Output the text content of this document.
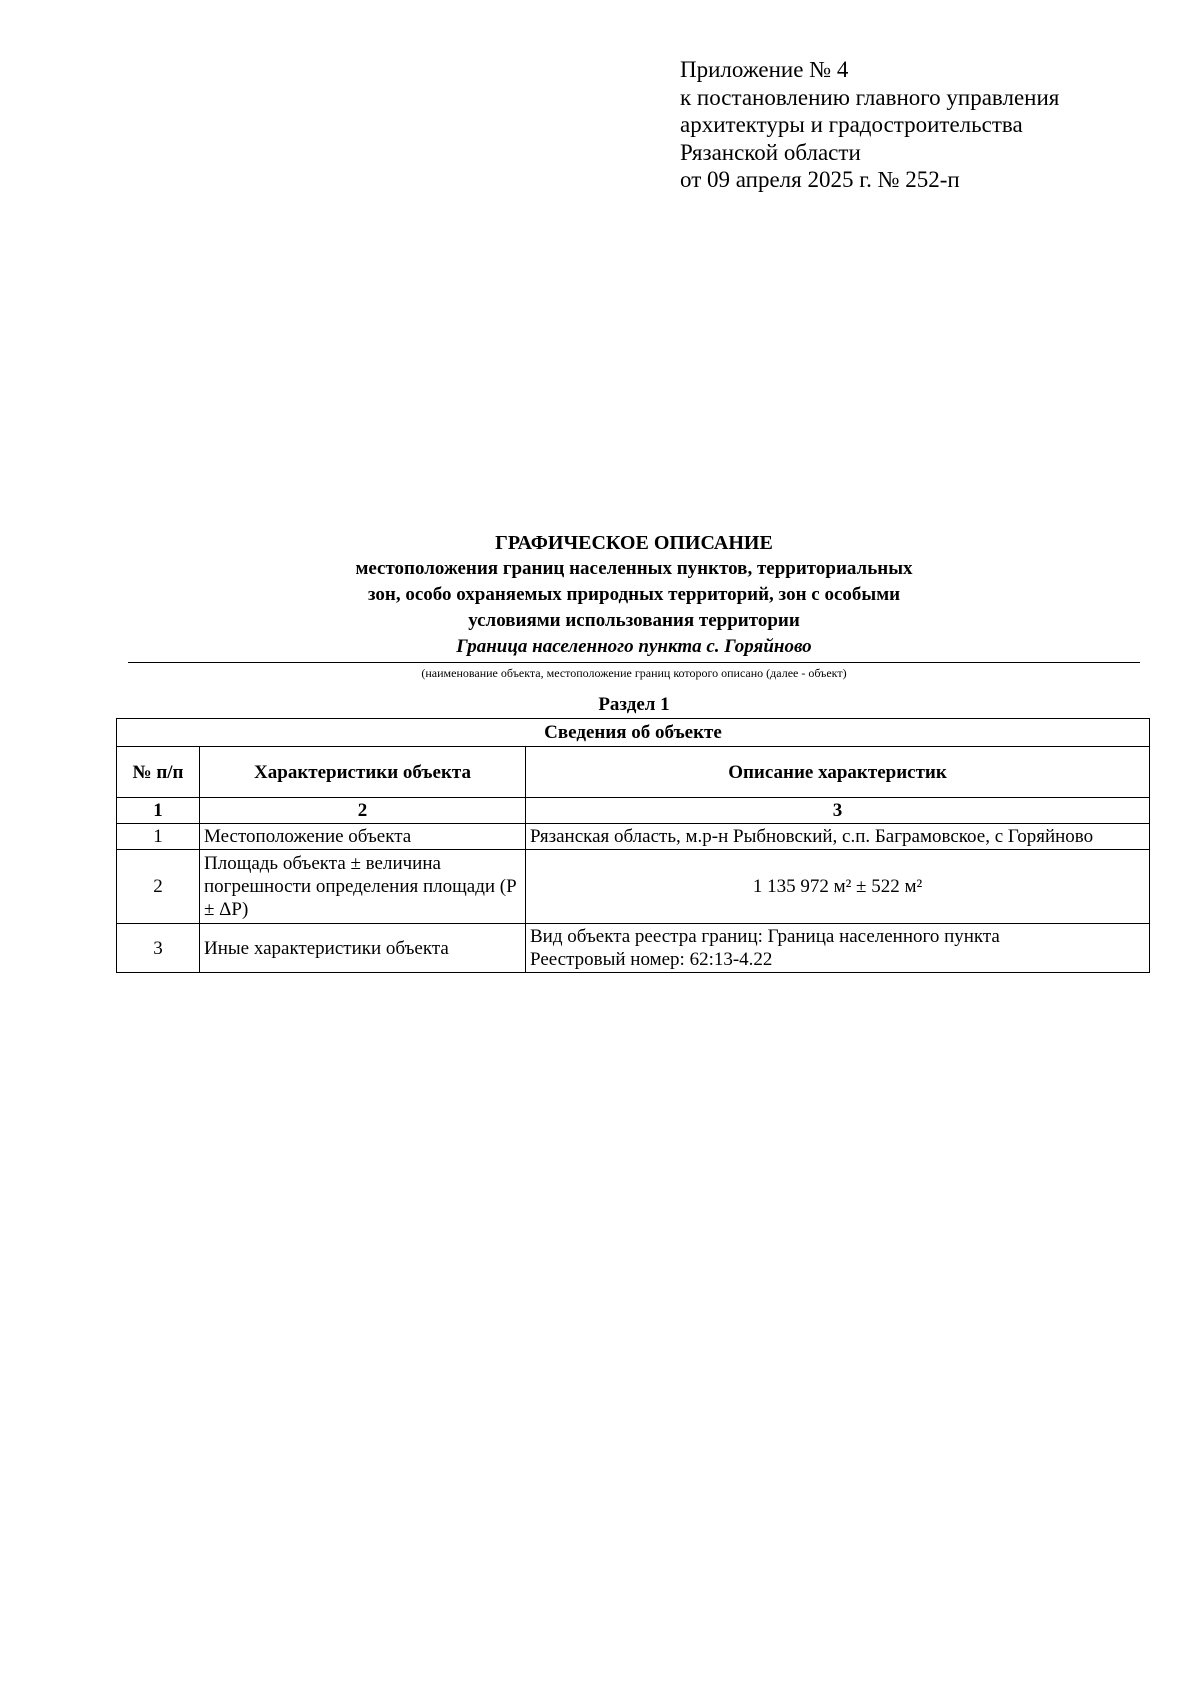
Приложение № 4
к постановлению главного управления
архитектуры и градостроительства
Рязанской области
от 09 апреля 2025 г. № 252-п
ГРАФИЧЕСКОЕ ОПИСАНИЕ
местоположения границ населенных пунктов, территориальных
зон, особо охраняемых природных территорий, зон с особыми
условиями использования территории
Граница населенного пункта с. Горяйново
(наименование объекта, местоположение границ которого описано (далее - объект)
Раздел 1
Сведения об объекте		
№ п/п	Характеристики объекта	Описание характеристик
1	2	3
1	Местоположение объекта	Рязанская область, м.р-н Рыбновский, с.п. Баграмовское, с Горяйново
2	Площадь объекта ± величина погрешности определения площади (P ± ΔP)	1 135 972 м² ± 522 м²
3	Иные характеристики объекта	Вид объекта реестра границ: Граница населенного пункта
Реестровый номер: 62:13-4.22
